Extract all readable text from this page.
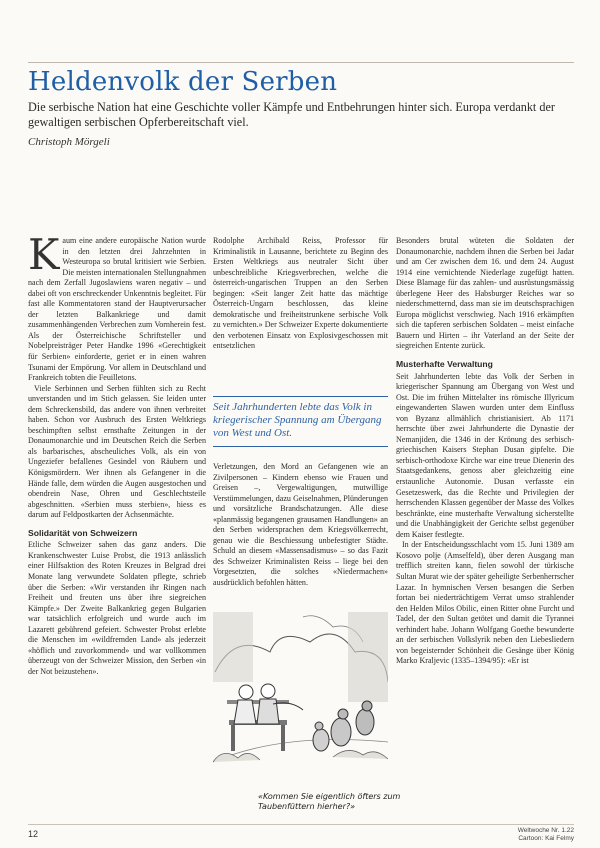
Heldenvolk der Serben
Die serbische Nation hat eine Geschichte voller Kämpfe und Entbehrungen hinter sich. Europa verdankt der gewaltigen serbischen Opferbereitschaft viel.
Christoph Mörgeli

Kaum eine andere europäische Nation wurde in den letzten drei Jahrzehnten in Westeuropa so brutal kritisiert wie Serbien. Die meisten internationalen Stellungnahmen nach dem Zerfall Jugoslawiens waren negativ – und dabei oft von erschreckender Unkenntnis begleitet. Für fast alle Kommentatoren stand der Hauptverursacher der letzten Balkankriege und damit zusammenhängenden Verbrechen zum Vornherein fest. Als der Österreichische Schriftsteller und Nobelpreisträger Peter Handke 1996 «Gerechtigkeit für Serbien» einforderte, geriet er in einen wahren Tsunami der Empörung. Vor allem in Deutschland und Frankreich tobten die Feuilletons.

Viele Serbinnen und Serben fühlten sich zu Recht unverstanden und im Stich gelassen. Sie leiden unter dem Schreckensbild, das andere von ihnen verbreitet haben. Schon vor Ausbruch des Ersten Weltkriegs beschimpften selbst ernsthafte Zeitungen in der Donaumonarchie und im Deutschen Reich die Serben als barbarisches, abscheuliches Volk, als ein von Ungeziefer befallenes Gesindel von Räubern und Königsmördern. Wer ihnen als Gefangener in die Hände falle, dem würden die Augen ausgestochen und obendrein Nase, Ohren und Geschlechtsteile abgeschnitten. «Serbien muss sterbien», hiess es darum auf Feldpostkarten der Achsenmächte.

Solidarität von Schweizern

Etliche Schweizer sahen das ganz anders. Die Krankenschwester Luise Probst, die 1913 anlässlich einer Hilfsaktion des Roten Kreuzes in Belgrad drei Monate lang verwundete Soldaten pflegte, schrieb über die Serben: «Wir verstanden ihr Ringen nach Freiheit und freuten uns über ihre siegreichen Kämpfe.» Der Zweite Balkankrieg gegen Bulgarien war tatsächlich erfolgreich und wurde auch im Lazarett gebührend gefeiert. Schwester Probst erlebte die Menschen im «wildfremden Land» als jederzeit «höflich und zuvorkommend» und war vollkommen überzeugt von der Schweizer Mission, den Serben «in der Not beizustehen».

Rodolphe Archibald Reiss, Professor für Kriminalistik in Lausanne, berichtete zu Beginn des Ersten Weltkriegs aus neutraler Sicht über unbeschreibliche Kriegsverbrechen, welche die österreich-ungarischen Truppen an den Serben begingen: «Seit langer Zeit hatte das mächtige Österreich-Ungarn beschlossen, das kleine demokratische und freiheitstrunkene serbische Volk zu vernichten.» Der Schweizer Experte dokumentierte den verbotenen Einsatz von Explosivgeschossen mit entsetzlichen

Seit Jahrhunderten lebte das Volk in kriegerischer Spannung am Übergang von West und Ost.

Verletzungen, den Mord an Gefangenen wie an Zivilpersonen – Kindern ebenso wie Frauen und Greisen –, Vergewaltigungen, mutwillige Verstümmelungen, dazu Geiselnahmen, Plünderungen und vorsätzliche Brandschatzungen. Alle diese «planmässig begangenen grausamen Handlungen» an den Serben widersprachen dem Kriegsvölkerrecht, genau wie die Beschiessung unbefestigter Städte. Schuld an diesem «Massensadismus» – so das Fazit des Schweizer Kriminalisten Reiss – liege bei den Vorgesetzten, die solches «Niedermachen» ausdrücklich befohlen hätten.

«Kommen Sie eigentlich öfters zum Taubenfüttern hierher?»

Besonders brutal wüteten die Soldaten der Donaumonarchie, nachdem ihnen die Serben bei Jadar und am Cer zwischen dem 16. und dem 24. August 1914 eine vernichtende Niederlage zugefügt hatten. Diese Blamage für das zahlen- und ausrüstungsmässig überlegene Heer des Habsburger Reiches war so niederschmetternd, dass man sie im deutschsprachigen Europa möglichst verschwieg. Nach 1916 erkämpften sich die tapferen serbischen Soldaten – meist einfache Bauern und Hirten – ihr Vaterland an der Seite der siegreichen Entente zurück.

Musterhafte Verwaltung

Seit Jahrhunderten lebte das Volk der Serben in kriegerischer Spannung am Übergang von West und Ost. Die im frühen Mittelalter ins römische Illyricum eingewanderten Slawen wurden unter dem Einfluss von Byzanz allmählich christianisiert. Ab 1171 herrschte über zwei Jahrhunderte die Dynastie der Nemanjiden, die 1346 in der Krönung des serbisch-griechischen Kaisers Stephan Dusan gipfelte. Die serbisch-orthodoxe Kirche war eine treue Dienerin des Staatsgedankens, genoss aber gleichzeitig eine erstaunliche Autonomie. Dusan verfasste ein Gesetzeswerk, das die Rechte und Privilegien der herrschenden Klassen gegenüber der Masse des Volkes beschränkte, eine musterhafte Verwaltung sicherstellte und die Unabhängigkeit der Gerichte selbst gegenüber dem Kaiser festlegte.

In der Entscheidungsschlacht vom 15. Juni 1389 am Kosovo polje (Amselfeld), über deren Ausgang man trefflich streiten kann, fielen sowohl der türkische Sultan Murat wie der später geheiligte Serbenherrscher Lazar. In hymnischen Versen besangen die Serben fortan bei niederträchtigem Verrat umso strahlender den Helden Milos Obilic, einen Ritter ohne Furcht und Tadel, der den Sultan getötet und damit die Tyrannei verhindert habe. Johann Wolfgang Goethe bewunderte an der serbischen Volkslyrik neben den Liebesliedern von begeisternder Schönheit die Gesänge über König Marko Kraljevic (1335–1394/95): «Er ist

12	Weltwoche Nr. 1.22
Cartoon: Kai Felmy
